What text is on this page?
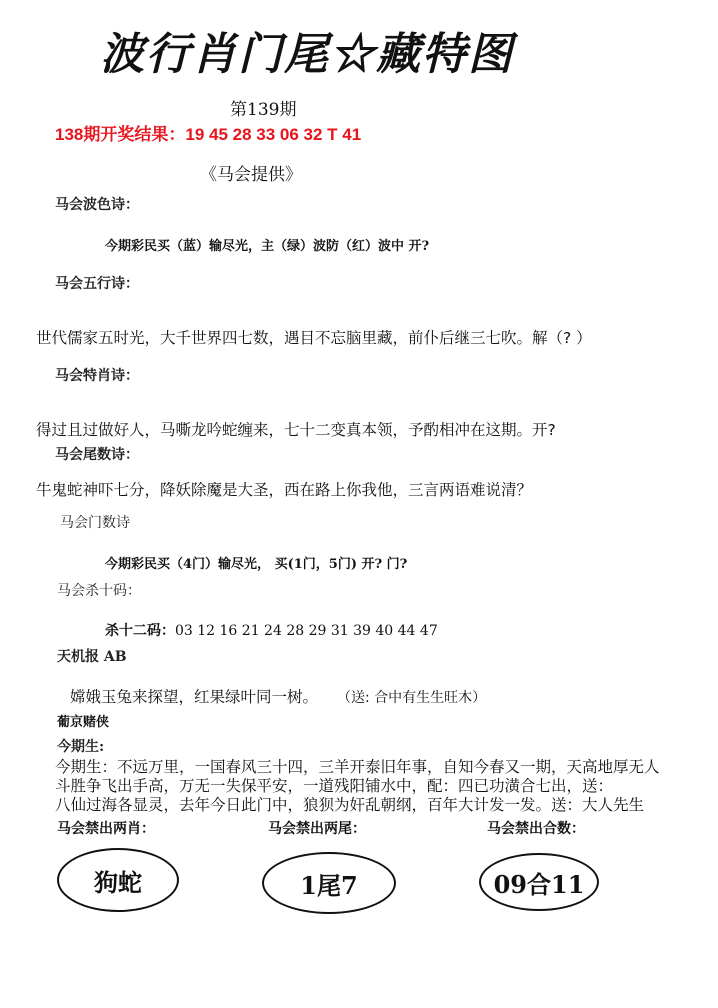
波行肖门尾☆藏特图
第139期
138期开奖结果：19 45 28 33 06 32 T 41
《马会提供》
马会波色诗：
今期彩民买（蓝）输尽光，主（绿）波防（红）波中 开?
马会五行诗：
世代儒家五时光，大千世界四七数，遇目不忘脑里藏，前仆后继三七吹。解（? ）
马会特肖诗：
得过且过做好人，马嘶龙吟蛇缠来，七十二变真本领，予酌相冲在这期。开?
马会尾数诗：
牛鬼蛇神吓七分，降妖除魔是大圣，西在路上你我他，三言两语难说清？
马会门数诗
今期彩民买（4门）输尽光， 买(1门，5门) 开? 门?
马会杀十码：
杀十二码：03 12 16 21 24 28 29 31 39 40 44 47
天机报 AB
嫦娥玉兔来探望，红果绿叶同一树。 （送: 合中有生生旺木）
葡京赌侠
今期生:
今期生：不远万里，一国春风三十四，三羊开泰旧年事，自知今春又一期，天高地厚无人
斗胜争飞出手高，万无一失保平安，一道残阳铺水中，配：四已功潢合七出，送：
八仙过海各显灵，去年今日此门中，狼狈为奸乱朝纲，百年大计发一发。送：大人先生
马会禁出两肖：	马会禁出两尾：	马会禁出合数：
狗蛇	1尾7	09合11
